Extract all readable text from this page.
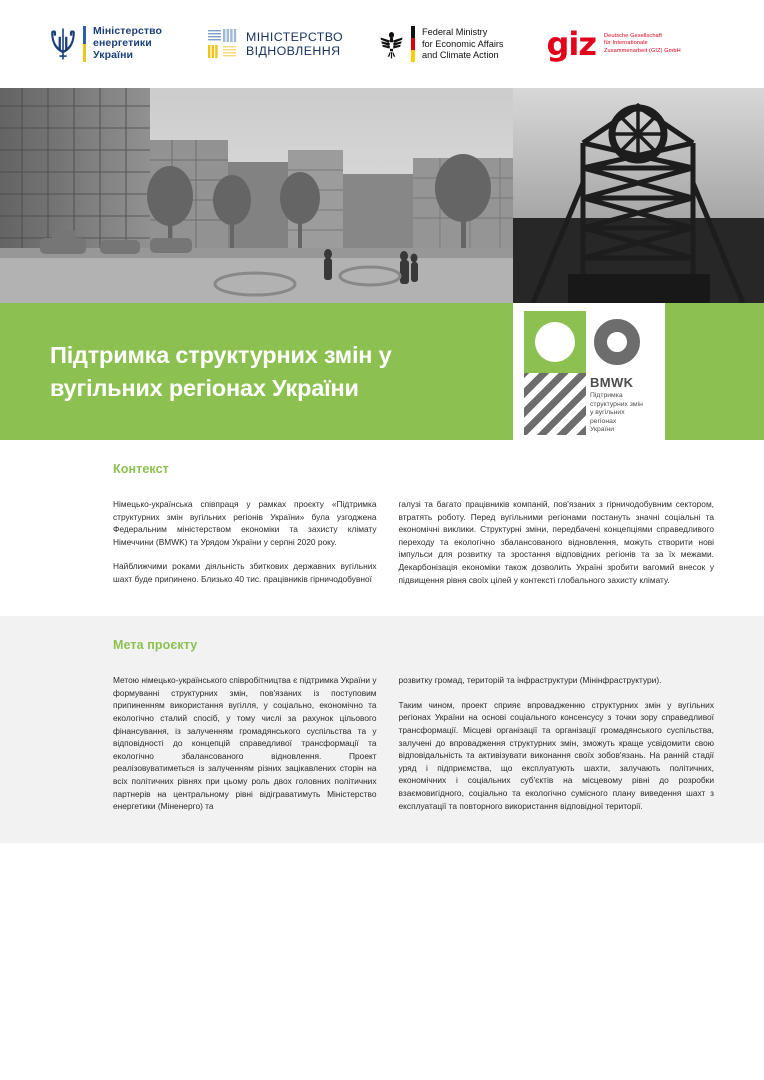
Міністерство
енергетики
України
МІНІСТЕРСТВО
ВІДНОВЛЕННЯ
Federal Ministry
for Economic Affairs
and Climate Action giz Deutsche Gesellschaft
für Internationale
Zusammenarbeit (GIZ) GmbH
Підтримка структурних змін у
вугільних регіонах України	BMWK
Підтримка
структурних змін
у вугільних регіонах
України
Контекст

Німецько-українська співпраця у рамках проєкту «Підтримка структурних змін вугільних регіонів України» була узгоджена Федеральним міністерством економіки та захисту клімату Німеччини (BMWK) та Урядом України у серпні 2020 року.

Найближчими роками діяльність збиткових державних вугільних шахт буде припинено. Близько 40 тис. працівників гірничодобувної

галузі та багато працівників компаній, пов'язаних з гірничодобувним сектором, втратять роботу. Перед вугільними регіонами постануть значні соціальні та економічні виклики. Структурні зміни, передбачені концепціями справедливого переходу та екологічно збалансованого відновлення, можуть створити нові імпульси для розвитку та зростання відповідних регіонів та за їх межами. Декарбонізація економіки також дозволить Україні зробити вагомий внесок у підвищення рівня своїх цілей у контексті глобального захисту клімату.

Мета проєкту

Метою німецько-українського співробітництва є підтримка України у формуванні структурних змін, пов'язаних із поступовим припиненням використання вугілля, у соціально, економічно та екологічно сталий спосіб, у тому числі за рахунок цільового фінансування, із залученням громадянського суспільства та у відповідності до концепцій справедливої трансформації та екологічно збалансованого відновлення. Проект реалізовуватиметься із залученням різних зацікавлених сторін на всіх політичних рівнях при цьому роль двох головних політичних партнерів на центральному рівні відіграватимуть Міністерство енергетики (Міненерго) та

розвитку громад, територій та інфраструктури (Мінінфраструктури).

Таким чином, проект сприяє впровадженню структурних змін у вугільних регіонах України на основі соціального консенсусу з точки зору справедливої трансформації. Місцеві організації та організації громадянського суспільства, залучені до впровадження структурних змін, зможуть краще усвідомити свою відповідальність та активізувати виконання своїх зобов'язань. На ранній стадії уряд і підприємства, що експлуатують шахти, залучають політичних, економічних і соціальних суб'єктів на місцевому рівні до розробки взаємовигідного, соціально та екологічно сумісного плану виведення шахт з експлуатації та повторного використання відповідної території.
